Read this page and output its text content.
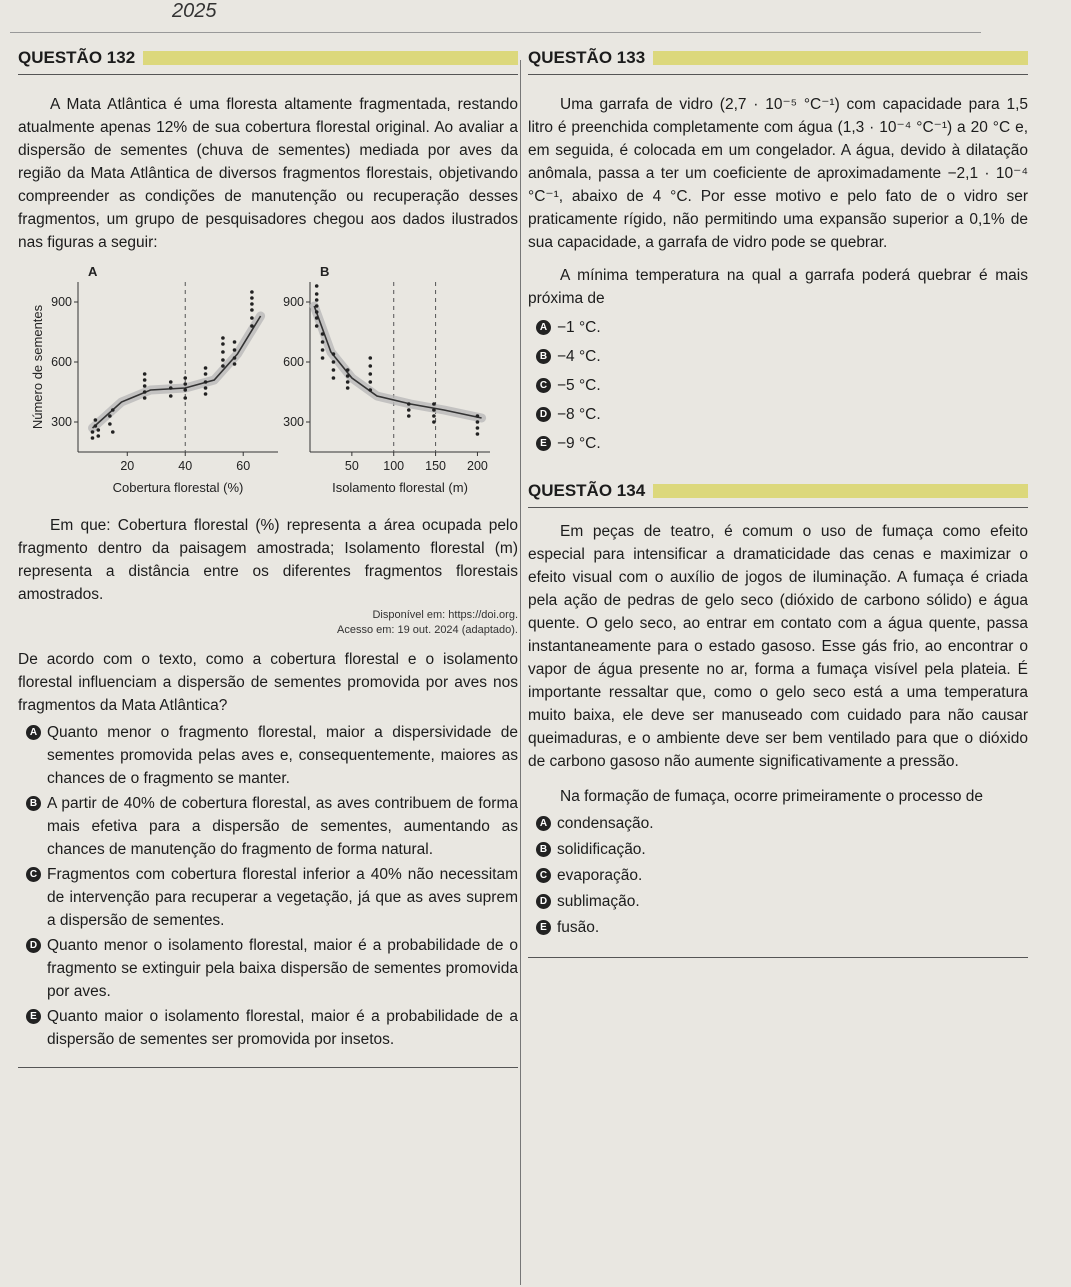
2025
QUESTÃO 132

A Mata Atlântica é uma floresta altamente fragmentada, restando atualmente apenas 12% de sua cobertura florestal original. Ao avaliar a dispersão de sementes (chuva de sementes) mediada por aves da região da Mata Atlântica de diversos fragmentos florestais, objetivando compreender as condições de manutenção ou recuperação desses fragmentos, um grupo de pesquisadores chegou aos dados ilustrados nas figuras a seguir:

Número de sementes
A
300
600
900
20	40	60
Cobertura florestal (%)
B
300
600
900
50 100 150 200
Isolamento florestal (m)

Em que: Cobertura florestal (%) representa a área ocupada pelo fragmento dentro da paisagem amostrada; Isolamento florestal (m) representa a distância entre os diferentes fragmentos florestais amostrados.

Disponível em: https://doi.org.
Acesso em: 19 out. 2024 (adaptado).

De acordo com o texto, como a cobertura florestal e o isolamento florestal influenciam a dispersão de sementes promovida por aves nos fragmentos da Mata Atlântica?

A Quanto menor o fragmento florestal, maior a dispersividade de sementes promovida pelas aves e, consequentemente, maiores as chances de o fragmento se manter.
B A partir de 40% de cobertura florestal, as aves contribuem de forma mais efetiva para a dispersão de sementes, aumentando as chances de manutenção do fragmento de forma natural.
C Fragmentos com cobertura florestal inferior a 40% não necessitam de intervenção para recuperar a vegetação, já que as aves suprem a dispersão de sementes.
D Quanto menor o isolamento florestal, maior é a probabilidade de o fragmento se extinguir pela baixa dispersão de sementes promovida por aves.
E Quanto maior o isolamento florestal, maior é a probabilidade de a dispersão de sementes ser promovida por insetos.
QUESTÃO 133

Uma garrafa de vidro (2,7 · 10⁻⁵ °C⁻¹) com capacidade para 1,5 litro é preenchida completamente com água (1,3 · 10⁻⁴ °C⁻¹) a 20 °C e, em seguida, é colocada em um congelador. A água, devido à dilatação anômala, passa a ter um coeficiente de aproximadamente −2,1 · 10⁻⁴ °C⁻¹, abaixo de 4 °C. Por esse motivo e pelo fato de o vidro ser praticamente rígido, não permitindo uma expansão superior a 0,1% de sua capacidade, a garrafa de vidro pode se quebrar.

A mínima temperatura na qual a garrafa poderá quebrar é mais próxima de

A −1 °C.
B −4 °C.
C −5 °C.
D −8 °C.
E −9 °C.
QUESTÃO 134

Em peças de teatro, é comum o uso de fumaça como efeito especial para intensificar a dramaticidade das cenas e maximizar o efeito visual com o auxílio de jogos de iluminação. A fumaça é criada pela ação de pedras de gelo seco (dióxido de carbono sólido) e água quente. O gelo seco, ao entrar em contato com a água quente, passa instantaneamente para o estado gasoso. Esse gás frio, ao encontrar o vapor de água presente no ar, forma a fumaça visível pela plateia. É importante ressaltar que, como o gelo seco está a uma temperatura muito baixa, ele deve ser manuseado com cuidado para não causar queimaduras, e o ambiente deve ser bem ventilado para que o dióxido de carbono gasoso não aumente significativamente a pressão.

Na formação de fumaça, ocorre primeiramente o processo de

A condensação.
B solidificação.
C evaporação.
D sublimação.
E fusão.
